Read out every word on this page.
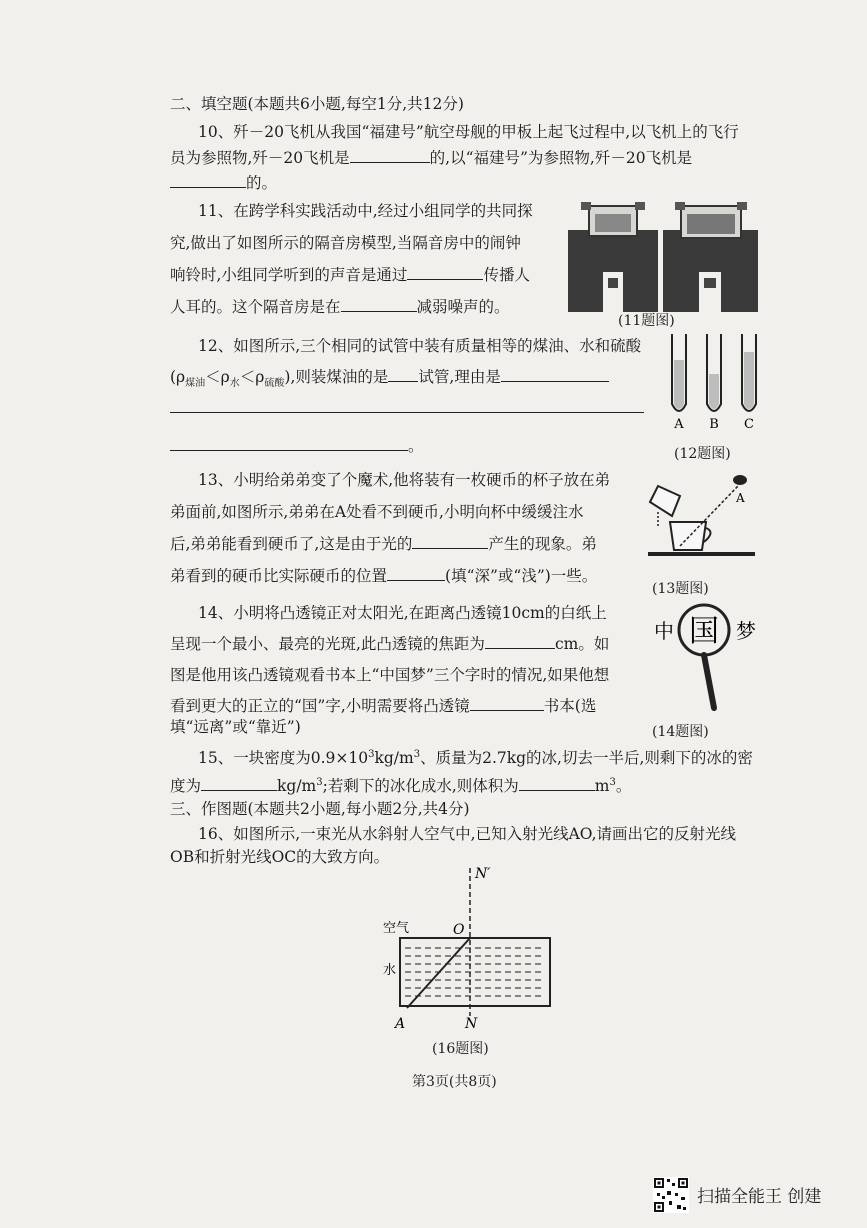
二、填空题(本题共6小题,每空1分,共12分)
10、歼－20飞机从我国“福建号”航空母舰的甲板上起飞过程中,以飞机上的飞行
员为参照物,歼－20飞机是	的,以“福建号”为参照物,歼－20飞机是
的。
11、在跨学科实践活动中,经过小组同学的共同探
究,做出了如图所示的隔音房模型,当隔音房中的闹钟
响铃时,小组同学听到的声音是通过	传播人
人耳的。这个隔音房是在	减弱噪声的。
(11题图)
12、如图所示,三个相同的试管中装有质量相等的煤油、水和硫酸
$(\rho_{煤油}<\rho_水<\rho_{硫酸})$,则装煤油的是 试管,理由是
。
A B C
(12题图)
13、小明给弟弟变了个魔术,他将装有一枚硬币的杯子放在弟
弟面前,如图所示,弟弟在A处看不到硬币,小明向杯中缓缓注水
后,弟弟能看到硬币了,这是由于光的	产生的现象。弟
弟看到的硬币比实际硬币的位置	(填“深”或“浅”)一些。
A
(13题图)
14、小明将凸透镜正对太阳光,在距离凸透镜10cm的白纸上
呈现一个最小、最亮的光斑,此凸透镜的焦距为	cm。如
图是他用该凸透镜观看书本上“中国梦”三个字时的情况,如果他想
看到更大的正立的“国”字,小明需要将凸透镜	书本(选
填“远离”或“靠近”)
中 国 梦
(14题图)
15、一块密度为$0.9\times 10^3kg/m^3$、质量为2.7kg的冰,切去一半后,则剩下的冰的密
度为	$kg/m^3$;若剩下的冰化成水,则体积为	$m^3$。
三、作图题(本题共2小题,每小题2分,共4分)
16、如图所示,一束光从水斜射人空气中,已知入射光线AO,请画出它的反射光线
OB和折射光线OC的大致方向。
N′
空气	O
水
A	N
(16题图)
第3页(共8页)
扫描全能王 创建
